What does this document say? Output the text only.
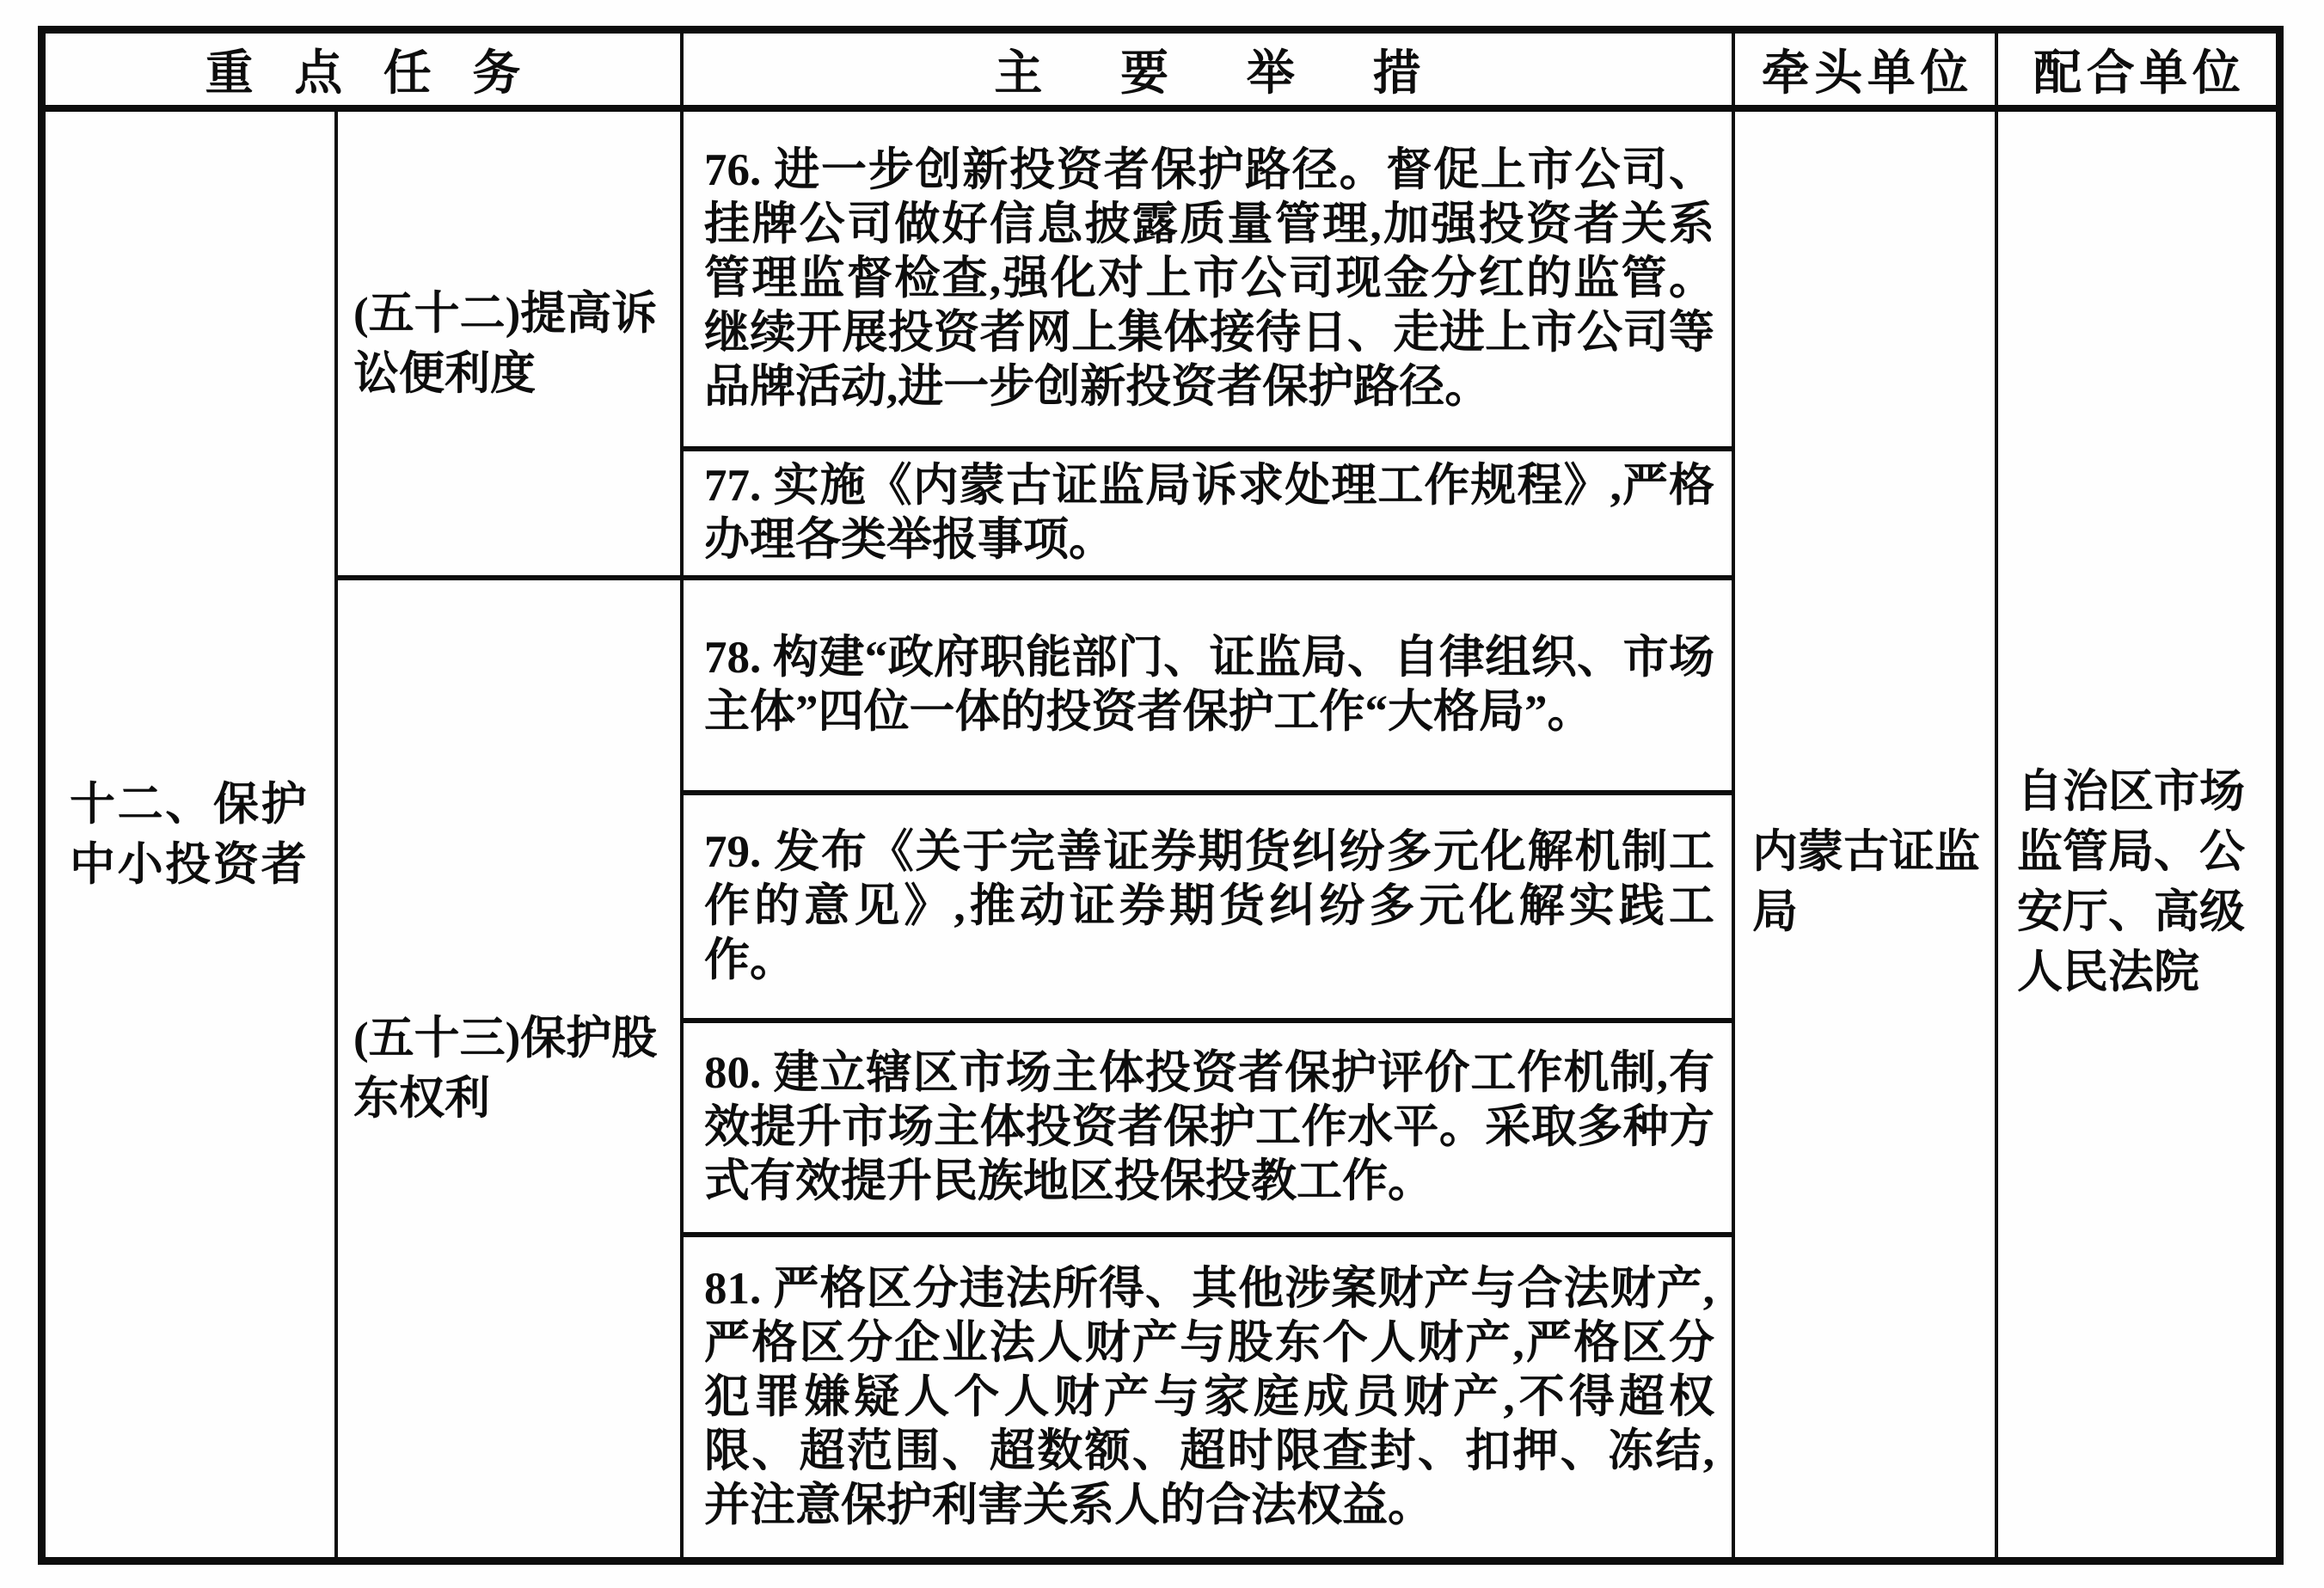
重点任务	主要举措	牵头单位 配合单位

十二、保护中小投资者

(五十二)提高诉讼便利度

(五十三)保护股东权利

76. 进一步创新投资者保护路径。督促上市公司、挂牌公司做好信息披露质量管理,加强投资者关系管理监督检查,强化对上市公司现金分红的监管。继续开展投资者网上集体接待日、走进上市公司等品牌活动,进一步创新投资者保护路径。

77. 实施《内蒙古证监局诉求处理工作规程》,严格办理各类举报事项。

78. 构建“政府职能部门、证监局、自律组织、市场主体”四位一体的投资者保护工作“大格局”。

79. 发布《关于完善证券期货纠纷多元化解机制工作的意见》,推动证券期货纠纷多元化解实践工作。

80. 建立辖区市场主体投资者保护评价工作机制,有效提升市场主体投资者保护工作水平。采取多种方式有效提升民族地区投保投教工作。

81. 严格区分违法所得、其他涉案财产与合法财产,严格区分企业法人财产与股东个人财产,严格区分犯罪嫌疑人个人财产与家庭成员财产,不得超权限、超范围、超数额、超时限查封、扣押、冻结,并注意保护利害关系人的合法权益。

内蒙古证监局

自治区市场监管局、公安厅、高级人民法院
